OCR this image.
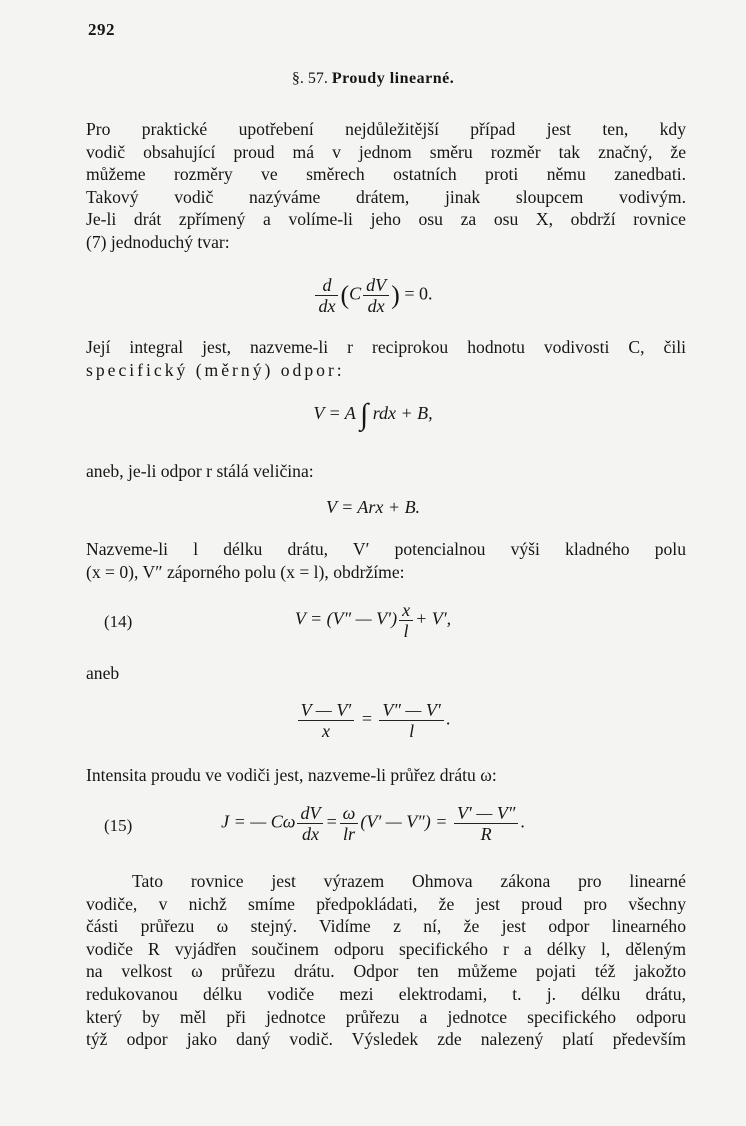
292
§. 57. Proudy linearné.
Pro praktické upotřebení nejdůležitější případ jest ten, kdy
vodič obsahující proud má v jednom směru rozměr tak značný, že
můžeme rozměry ve směrech ostatních proti němu zanedbati.
Takový vodič nazýváme drátem, jinak sloupcem vodivým.
Je-li drát zpřímený a volíme-li jeho osu za osu X, obdrží rovnice
(7) jednoduchý tvar:
$\frac{d}{dx} (C \frac{dV}{dx}$ ) = 0.
Její integral jest, nazveme-li r reciprokou hodnotu vodivosti C, čili
specifický (měrný) odpor:
V = A ∫ rdx + B,
aneb, je-li odpor r stálá veličina:
V = Arx + B.
Nazveme-li l délku drátu, V′ potencialnou výši kladného polu
(x = 0), V″ záporného polu (x = l), obdržíme:
(14)	V = (V″ — $V') \frac{x}{l} + V'$,
aneb
$\frac{V — V'}{x} = \frac{V'' — V'}{l}$ .
Intensita proudu ve vodiči jest, nazveme-li průřez drátu ω:
(15)	J = — Cω $\frac{dV}{dx} = \frac{\omega}{lr} (V'$ — $V'') = \frac{V' — V''}{R}$ .
Tato rovnice jest výrazem Ohmova zákona pro linearné
vodiče, v nichž smíme předpokládati, že jest proud pro všechny
části průřezu ω stejný. Vidíme z ní, že jest odpor linearného
vodiče R vyjádřen součinem odporu specifického r a délky l, děleným
na velkost ω průřezu drátu. Odpor ten můžeme pojati též jakožto
redukovanou délku vodiče mezi elektrodami, t. j. délku drátu,
který by měl při jednotce průřezu a jednotce specifického odporu
týž odpor jako daný vodič. Výsledek zde nalezený platí především
